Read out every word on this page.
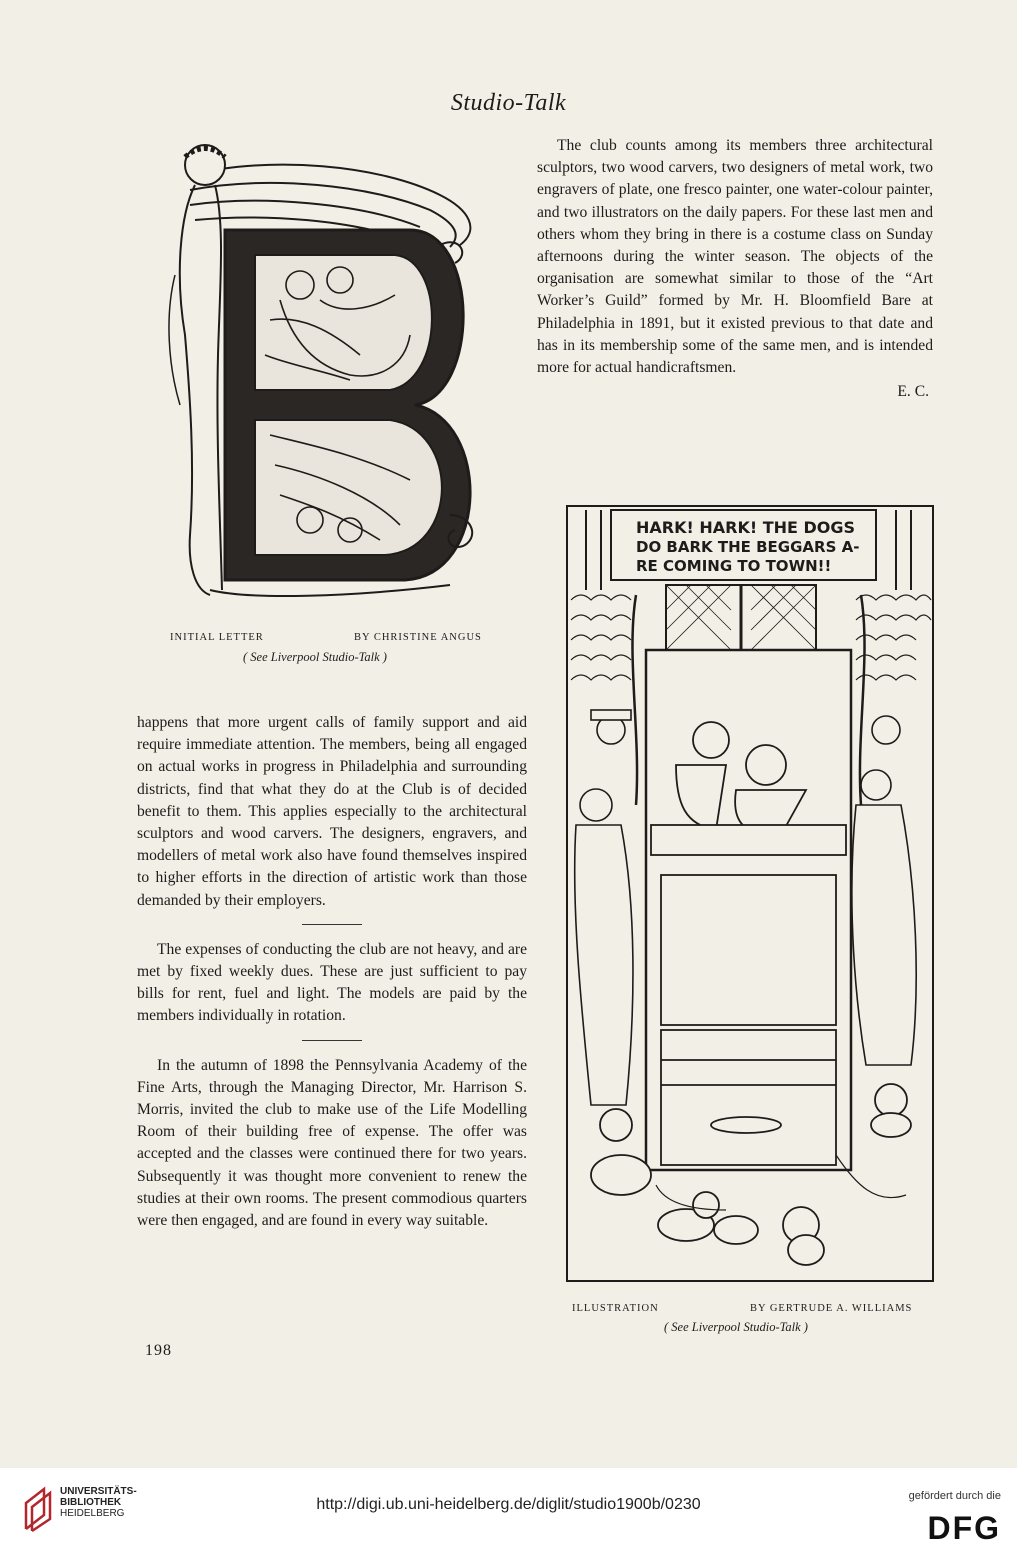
Studio-Talk
INITIAL LETTER	BY CHRISTINE ANGUS
( See Liverpool Studio-Talk )

The club counts among its members three architectural sculptors, two wood carvers, two designers of metal work, two engravers of plate, one fresco painter, one water-colour painter, and two illustrators on the daily papers. For these last men and others whom they bring in there is a costume class on Sunday afternoons during the winter season. The objects of the organisation are somewhat similar to those of the “Art Worker’s Guild” formed by Mr. H. Bloomfield Bare at Philadelphia in 1891, but it existed previous to that date and has in its membership some of the same men, and is intended more for actual handicraftsmen.

E. C.
HARK! HARK! THE DOGS
DO BARK THE BEGGARS A-
RE COMING TO TOWN!!
ILLUSTRATION	BY GERTRUDE A. WILLIAMS
( See Liverpool Studio-Talk )

happens that more urgent calls of family support and aid require immediate attention. The members, being all engaged on actual works in progress in Philadelphia and surrounding districts, find that what they do at the Club is of decided benefit to them. This applies especially to the architectural sculptors and wood carvers. The designers, engravers, and modellers of metal work also have found themselves inspired to higher efforts in the direction of artistic work than those demanded by their employers.

The expenses of conducting the club are not heavy, and are met by fixed weekly dues. These are just sufficient to pay bills for rent, fuel and light. The models are paid by the members individually in rotation.

In the autumn of 1898 the Pennsylvania Academy of the Fine Arts, through the Managing Director, Mr. Harrison S. Morris, invited the club to make use of the Life Modelling Room of their building free of expense. The offer was accepted and the classes were continued there for two years. Subsequently it was thought more convenient to renew the studies at their own rooms. The present commodious quarters were then engaged, and are found in every way suitable.

198
UNIVERSITÄTS-
BIBLIOTHEK
HEIDELBERG
http://digi.ub.uni-heidelberg.de/diglit/studio1900b/0230	gefördert durch die
DFG
